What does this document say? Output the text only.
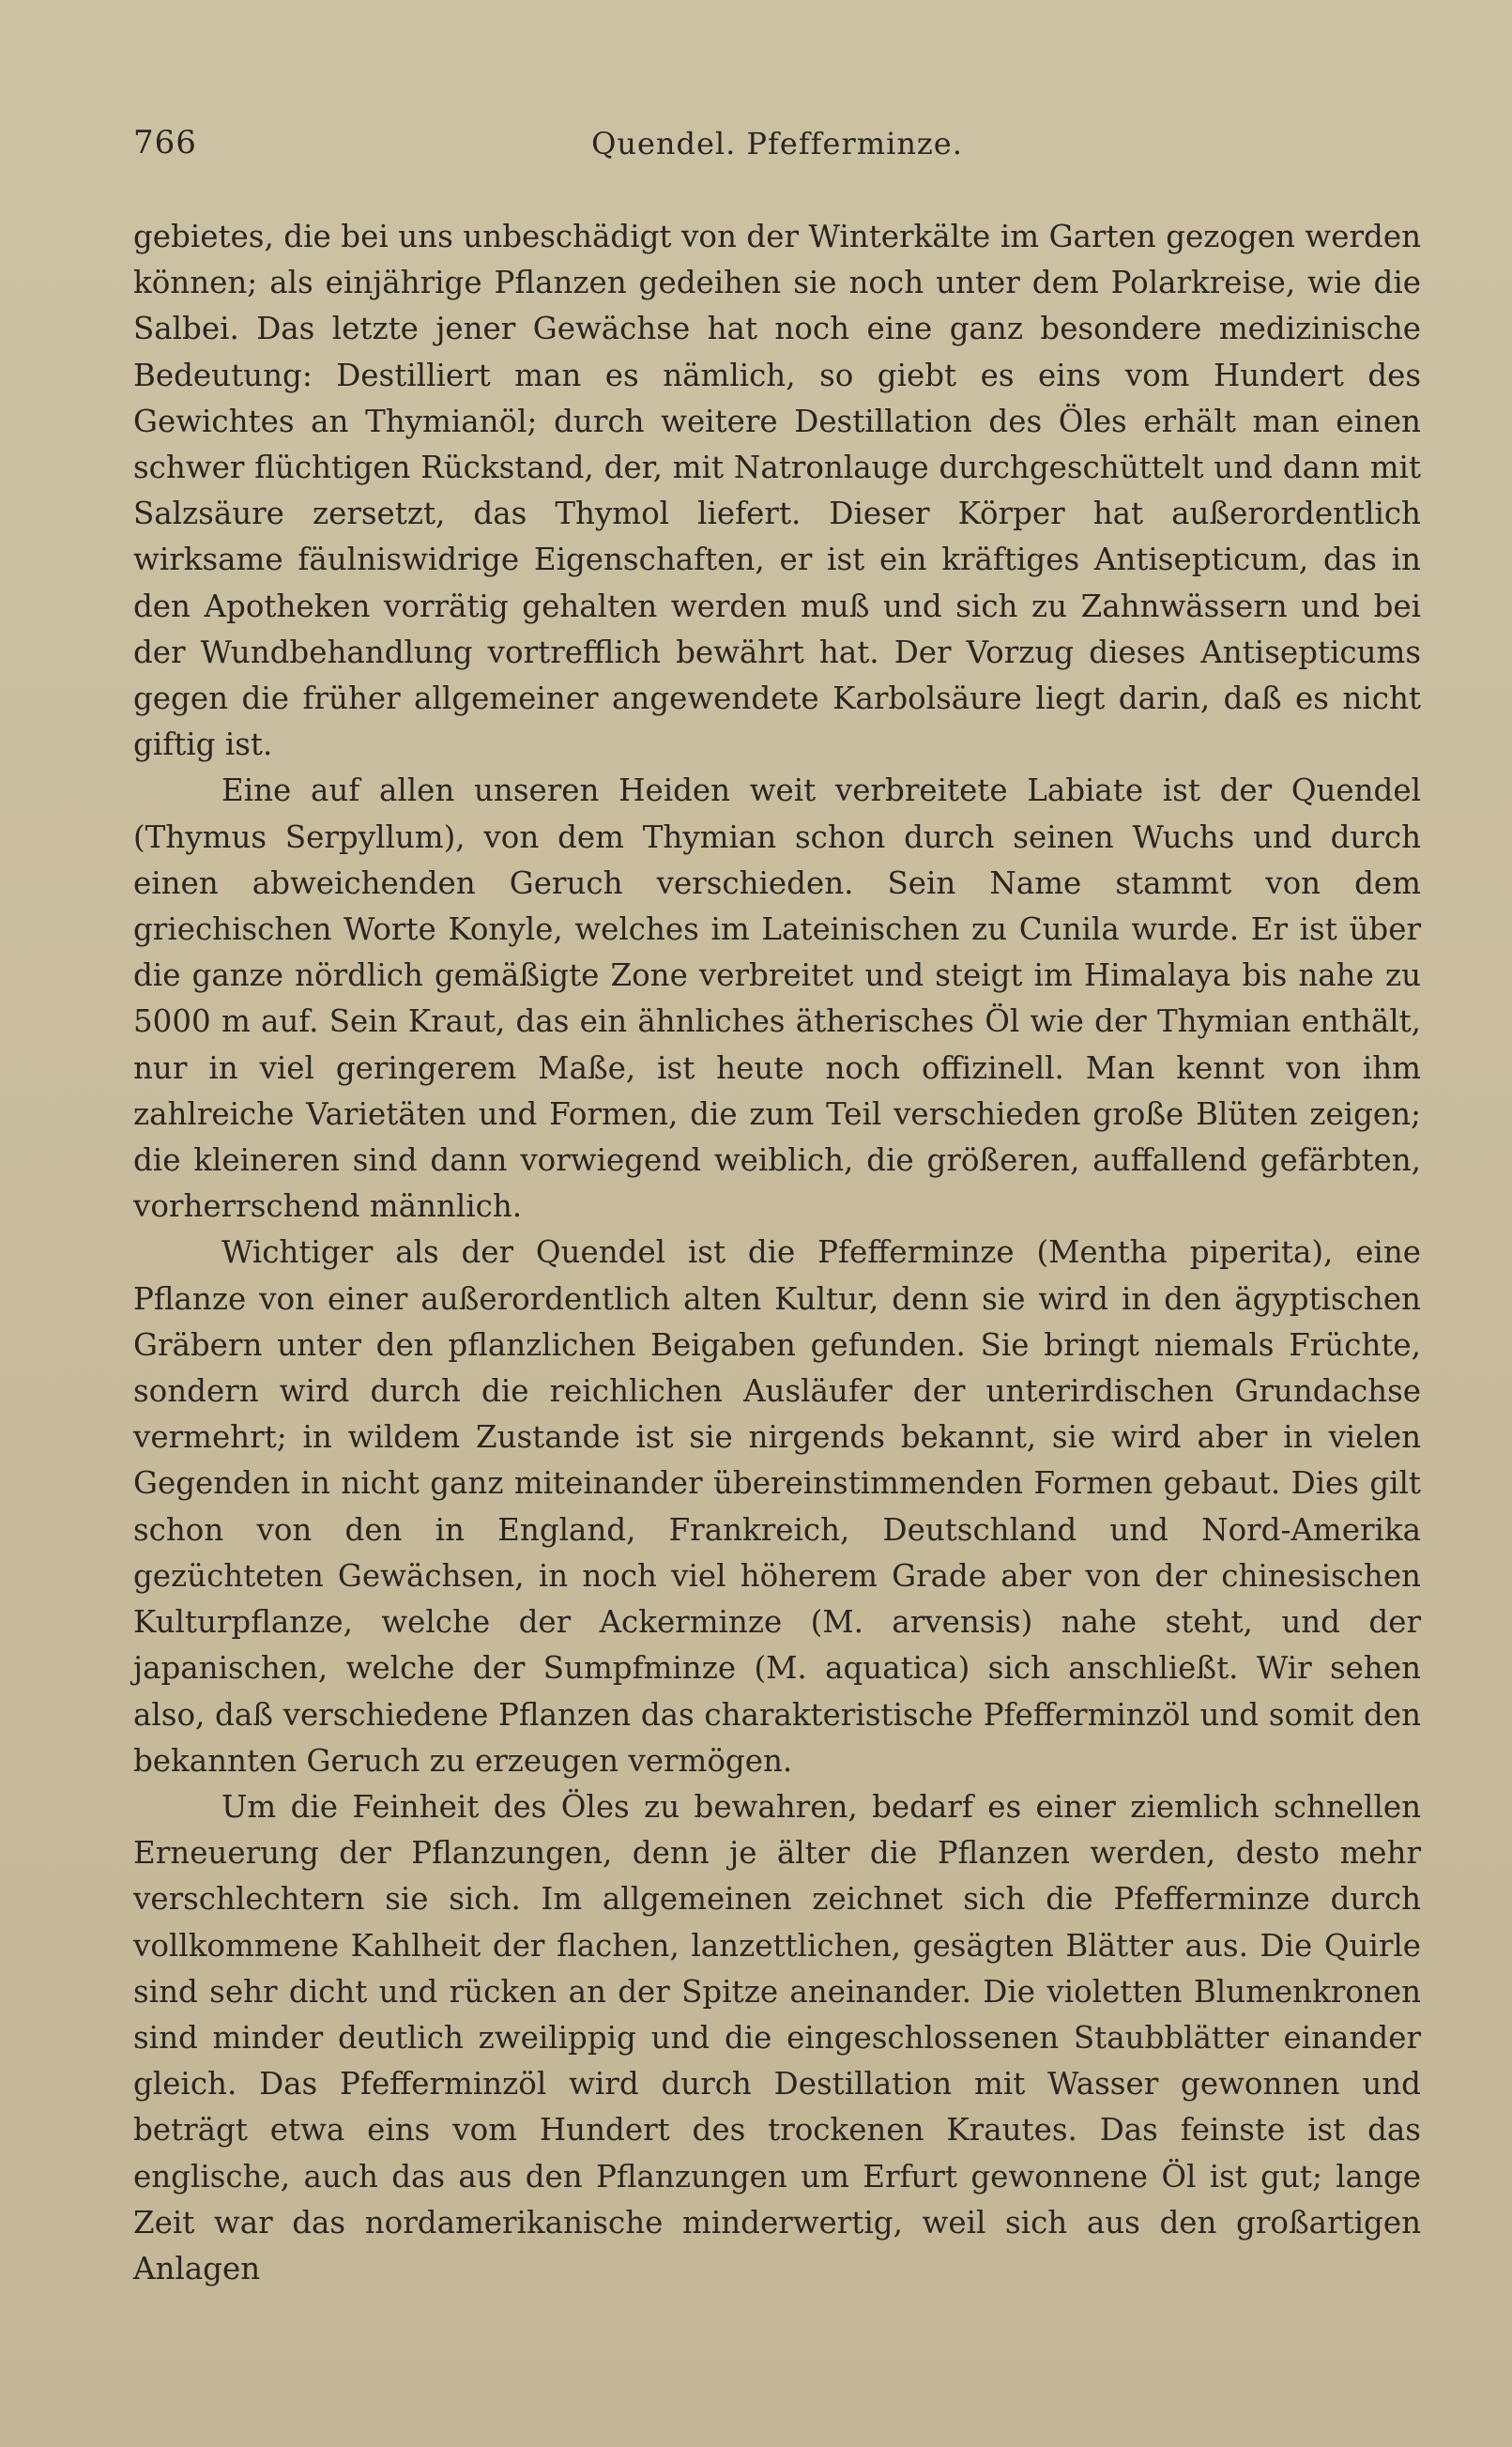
766	Quendel. Pfefferminze.

gebietes, die bei uns unbeschädigt von der Winterkälte im Garten gezogen werden können; als einjährige Pflanzen gedeihen sie noch unter dem Polarkreise, wie die Salbei. Das letzte jener Gewächse hat noch eine ganz besondere medizinische Bedeutung: Destilliert man es nämlich, so giebt es eins vom Hundert des Gewichtes an Thymianöl; durch weitere Destillation des Öles erhält man einen schwer flüchtigen Rückstand, der, mit Natronlauge durchgeschüttelt und dann mit Salzsäure zersetzt, das Thymol liefert. Dieser Körper hat außerordentlich wirksame fäulniswidrige Eigenschaften, er ist ein kräftiges Antisepticum, das in den Apotheken vorrätig gehalten werden muß und sich zu Zahnwässern und bei der Wundbehandlung vortrefflich bewährt hat. Der Vorzug dieses Antisepticums gegen die früher allgemeiner angewendete Karbolsäure liegt darin, daß es nicht giftig ist.

Eine auf allen unseren Heiden weit verbreitete Labiate ist der Quendel (Thymus Serpyllum), von dem Thymian schon durch seinen Wuchs und durch einen abweichenden Geruch verschieden. Sein Name stammt von dem griechischen Worte Konyle, welches im Lateinischen zu Cunila wurde. Er ist über die ganze nördlich gemäßigte Zone verbreitet und steigt im Himalaya bis nahe zu 5000 m auf. Sein Kraut, das ein ähnliches ätherisches Öl wie der Thymian enthält, nur in viel geringerem Maße, ist heute noch offizinell. Man kennt von ihm zahlreiche Varietäten und Formen, die zum Teil verschieden große Blüten zeigen; die kleineren sind dann vorwiegend weiblich, die größeren, auffallend gefärbten, vorherrschend männlich.

Wichtiger als der Quendel ist die Pfefferminze (Mentha piperita), eine Pflanze von einer außerordentlich alten Kultur, denn sie wird in den ägyptischen Gräbern unter den pflanzlichen Beigaben gefunden. Sie bringt niemals Früchte, sondern wird durch die reichlichen Ausläufer der unterirdischen Grundachse vermehrt; in wildem Zustande ist sie nirgends bekannt, sie wird aber in vielen Gegenden in nicht ganz miteinander übereinstimmenden Formen gebaut. Dies gilt schon von den in England, Frankreich, Deutschland und Nord-Amerika gezüchteten Gewächsen, in noch viel höherem Grade aber von der chinesischen Kulturpflanze, welche der Ackerminze (M. arvensis) nahe steht, und der japanischen, welche der Sumpfminze (M. aquatica) sich anschließt. Wir sehen also, daß verschiedene Pflanzen das charakteristische Pfefferminzöl und somit den bekannten Geruch zu erzeugen vermögen.

Um die Feinheit des Öles zu bewahren, bedarf es einer ziemlich schnellen Erneuerung der Pflanzungen, denn je älter die Pflanzen werden, desto mehr verschlechtern sie sich. Im allgemeinen zeichnet sich die Pfefferminze durch vollkommene Kahlheit der flachen, lanzettlichen, gesägten Blätter aus. Die Quirle sind sehr dicht und rücken an der Spitze aneinander. Die violetten Blumenkronen sind minder deutlich zweilippig und die eingeschlossenen Staubblätter einander gleich. Das Pfefferminzöl wird durch Destillation mit Wasser gewonnen und beträgt etwa eins vom Hundert des trockenen Krautes. Das feinste ist das englische, auch das aus den Pflanzungen um Erfurt gewonnene Öl ist gut; lange Zeit war das nordamerikanische minderwertig, weil sich aus den großartigen Anlagen
